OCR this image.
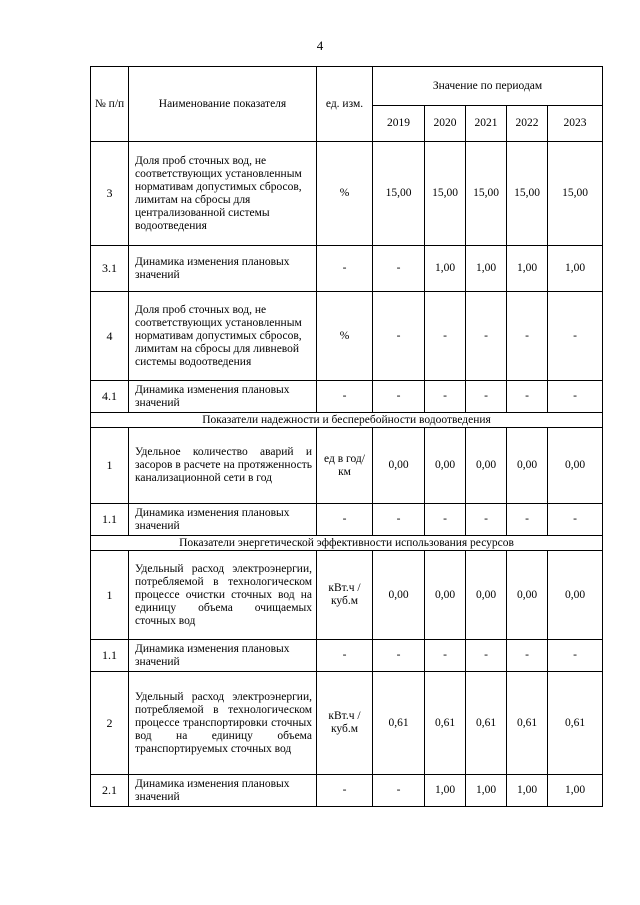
4
№ п/п	Наименование показателя	ед. изм.	Значение по периодам				
			2019	2020	2021	2022	2023
3	Доля проб сточных вод, не соответствующих установленным нормативам допустимых сбросов, лимитам на сбросы для централизованной системы водоотведения	%	15,00	15,00	15,00	15,00	15,00
3.1	Динамика изменения плановых значений	-	-	1,00	1,00	1,00	1,00
4	Доля проб сточных вод, не соответствующих установленным нормативам допустимых сбросов, лимитам на сбросы для ливневой системы водоотведения	%	-	-	-	-	-
4.1	Динамика изменения плановых значений	-	-	-	-	-	-
Показатели надежности и бесперебойности водоотведения							
1	Удельное количество аварий и засоров в расчете на протяженность канализационной сети в год	ед в год/ км	0,00	0,00	0,00	0,00	0,00
1.1	Динамика изменения плановых значений	-	-	-	-	-	-
Показатели энергетической эффективности использования ресурсов							
1	Удельный расход электроэнергии, потребляемой в технологическом процессе очистки сточных вод на единицу объема очищаемых сточных вод	кВт.ч / куб.м	0,00	0,00	0,00	0,00	0,00
1.1	Динамика изменения плановых значений	-	-	-	-	-	-
2	Удельный расход электроэнергии, потребляемой в технологическом процессе транспортировки сточных вод на единицу объема транспортируемых сточных вод	кВт.ч / куб.м	0,61	0,61	0,61	0,61	0,61
2.1	Динамика изменения плановых значений	-	-	1,00	1,00	1,00	1,00
